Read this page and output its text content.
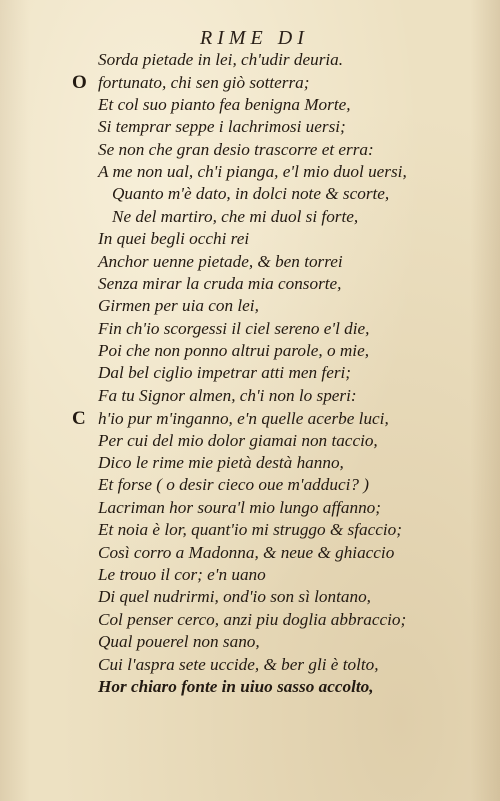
RIME DI
Sorda pietade in lei, ch'udir deuria.
O fortunato, chi sen giò sotterra;
Et col suo pianto fea benigna Morte,
Si temprar seppe i lachrimosi uersi;
Se non che gran desio trascorre et erra:
A me non ual, ch'i pianga, e'l mio duol uersi,
Quanto m'è dato, in dolci note & scorte,
Ne del martiro, che mi duol si forte,
In quei begli occhi rei
Anchor uenne pietade, & ben torrei
Senza mirar la cruda mia consorte,
Girmen per uia con lei,
Fin ch'io scorgessi il ciel sereno e'l die,
Poi che non ponno altrui parole, o mie,
Dal bel ciglio impetrar atti men feri;
Fa tu Signor almen, ch'i non lo speri:
C h'io pur m'inganno, e'n quelle acerbe luci,
Per cui del mio dolor giamai non taccio,
Dico le rime mie pietà destà hanno,
Et forse ( o desir cieco oue m'adduci? )
Lacriman hor soura'l mio lungo affanno;
Et noia è lor, quant'io mi struggo & sfaccio;
Così corro a Madonna, & neue & ghiaccio
Le trouo il cor; e'n uano
Di quel nudrirmi, ond'io son sì lontano,
Col penser cerco, anzi piu doglia abbraccio;
Qual pouerel non sano,
Cui l'aspra sete uccide, & ber gli è tolto,
Hor chiaro fonte in uiuo sasso accolto,
